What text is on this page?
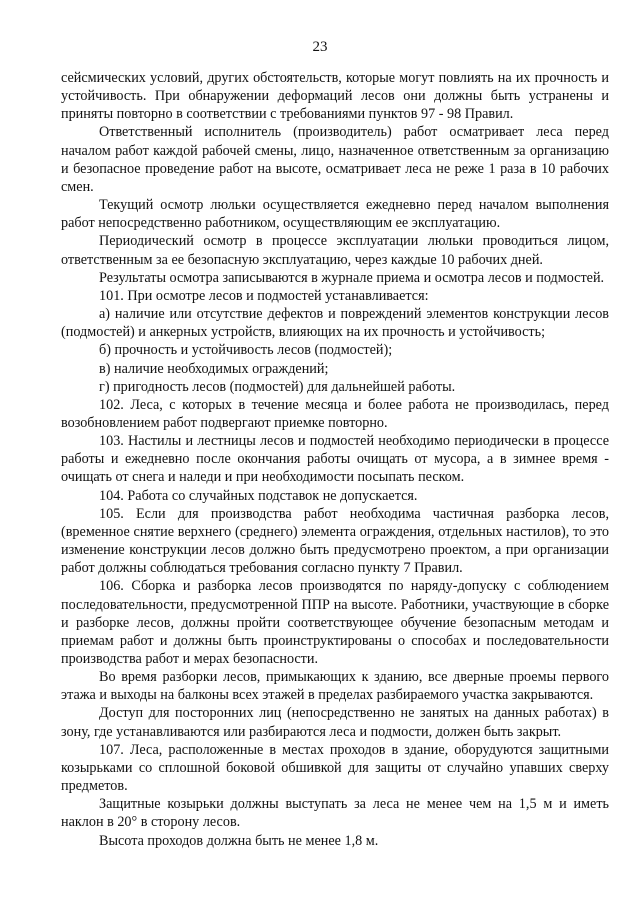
23

сейсмических условий, других обстоятельств, которые могут повлиять на их прочность и устойчивость. При обнаружении деформаций лесов они должны быть устранены и приняты повторно в соответствии с требованиями пунктов 97 - 98 Правил.

Ответственный исполнитель (производитель) работ осматривает леса перед началом работ каждой рабочей смены, лицо, назначенное ответственным за организацию и безопасное проведение работ на высоте, осматривает леса не реже 1 раза в 10 рабочих смен.

Текущий осмотр люльки осуществляется ежедневно перед началом выполнения работ непосредственно работником, осуществляющим ее эксплуатацию.

Периодический осмотр в процессе эксплуатации люльки проводиться лицом, ответственным за ее безопасную эксплуатацию, через каждые 10 рабочих дней.

Результаты осмотра записываются в журнале приема и осмотра лесов и подмостей.

101. При осмотре лесов и подмостей устанавливается:

а) наличие или отсутствие дефектов и повреждений элементов конструкции лесов (подмостей) и анкерных устройств, влияющих на их прочность и устойчивость;

б) прочность и устойчивость лесов (подмостей);

в) наличие необходимых ограждений;

г) пригодность лесов (подмостей) для дальнейшей работы.

102. Леса, с которых в течение месяца и более работа не производилась, перед возобновлением работ подвергают приемке повторно.

103. Настилы и лестницы лесов и подмостей необходимо периодически в процессе работы и ежедневно после окончания работы очищать от мусора, а в зимнее время - очищать от снега и наледи и при необходимости посыпать песком.

104. Работа со случайных подставок не допускается.

105. Если для производства работ необходима частичная разборка лесов, (временное снятие верхнего (среднего) элемента ограждения, отдельных настилов), то это изменение конструкции лесов должно быть предусмотрено проектом, а при организации работ должны соблюдаться требования согласно пункту 7 Правил.

106. Сборка и разборка лесов производятся по наряду-допуску с соблюдением последовательности, предусмотренной ППР на высоте. Работники, участвующие в сборке и разборке лесов, должны пройти соответствующее обучение безопасным методам и приемам работ и должны быть проинструктированы о способах и последовательности производства работ и мерах безопасности.

Во время разборки лесов, примыкающих к зданию, все дверные проемы первого этажа и выходы на балконы всех этажей в пределах разбираемого участка закрываются.

Доступ для посторонних лиц (непосредственно не занятых на данных работах) в зону, где устанавливаются или разбираются леса и подмости, должен быть закрыт.

107. Леса, расположенные в местах проходов в здание, оборудуются защитными козырьками со сплошной боковой обшивкой для защиты от случайно упавших сверху предметов.

Защитные козырьки должны выступать за леса не менее чем на 1,5 м и иметь наклон в 20° в сторону лесов.

Высота проходов должна быть не менее 1,8 м.
